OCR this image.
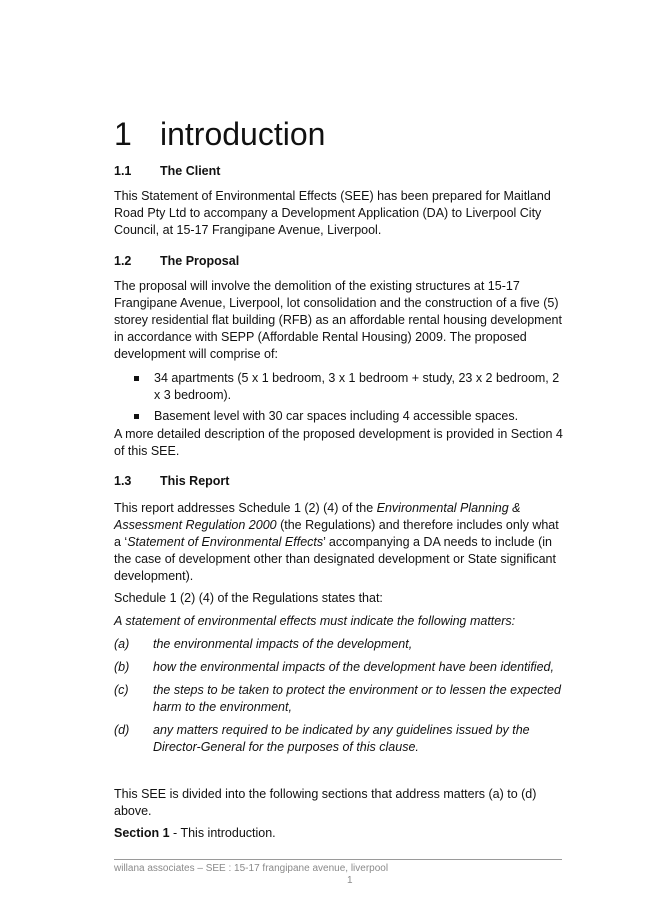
1 introduction
1.1 The Client

This Statement of Environmental Effects (SEE) has been prepared for Maitland Road Pty Ltd to accompany a Development Application (DA) to Liverpool City Council, at 15-17 Frangipane Avenue, Liverpool.

1.2 The Proposal

The proposal will involve the demolition of the existing structures at 15-17 Frangipane Avenue, Liverpool, lot consolidation and the construction of a five (5) storey residential flat building (RFB) as an affordable rental housing development in accordance with SEPP (Affordable Rental Housing) 2009. The proposed development will comprise of:

34 apartments (5 x 1 bedroom, 3 x 1 bedroom + study, 23 x 2 bedroom, 2 x 3 bedroom).
Basement level with 30 car spaces including 4 accessible spaces.

A more detailed description of the proposed development is provided in Section 4 of this SEE.

1.3 This Report

This report addresses Schedule 1 (2) (4) of the Environmental Planning & Assessment Regulation 2000 (the Regulations) and therefore includes only what a ‘Statement of Environmental Effects’ accompanying a DA needs to include (in the case of development other than designated development or State significant development).

Schedule 1 (2) (4) of the Regulations states that:

A statement of environmental effects must indicate the following matters:

(a) the environmental impacts of the development,
(b) how the environmental impacts of the development have been identified,
(c) the steps to be taken to protect the environment or to lessen the expected harm to the environment,
(d) any matters required to be indicated by any guidelines issued by the Director-General for the purposes of this clause.

This SEE is divided into the following sections that address matters (a) to (d) above.

Section 1 - This introduction.

willana associates – SEE : 15-17 frangipane avenue, liverpool
1
